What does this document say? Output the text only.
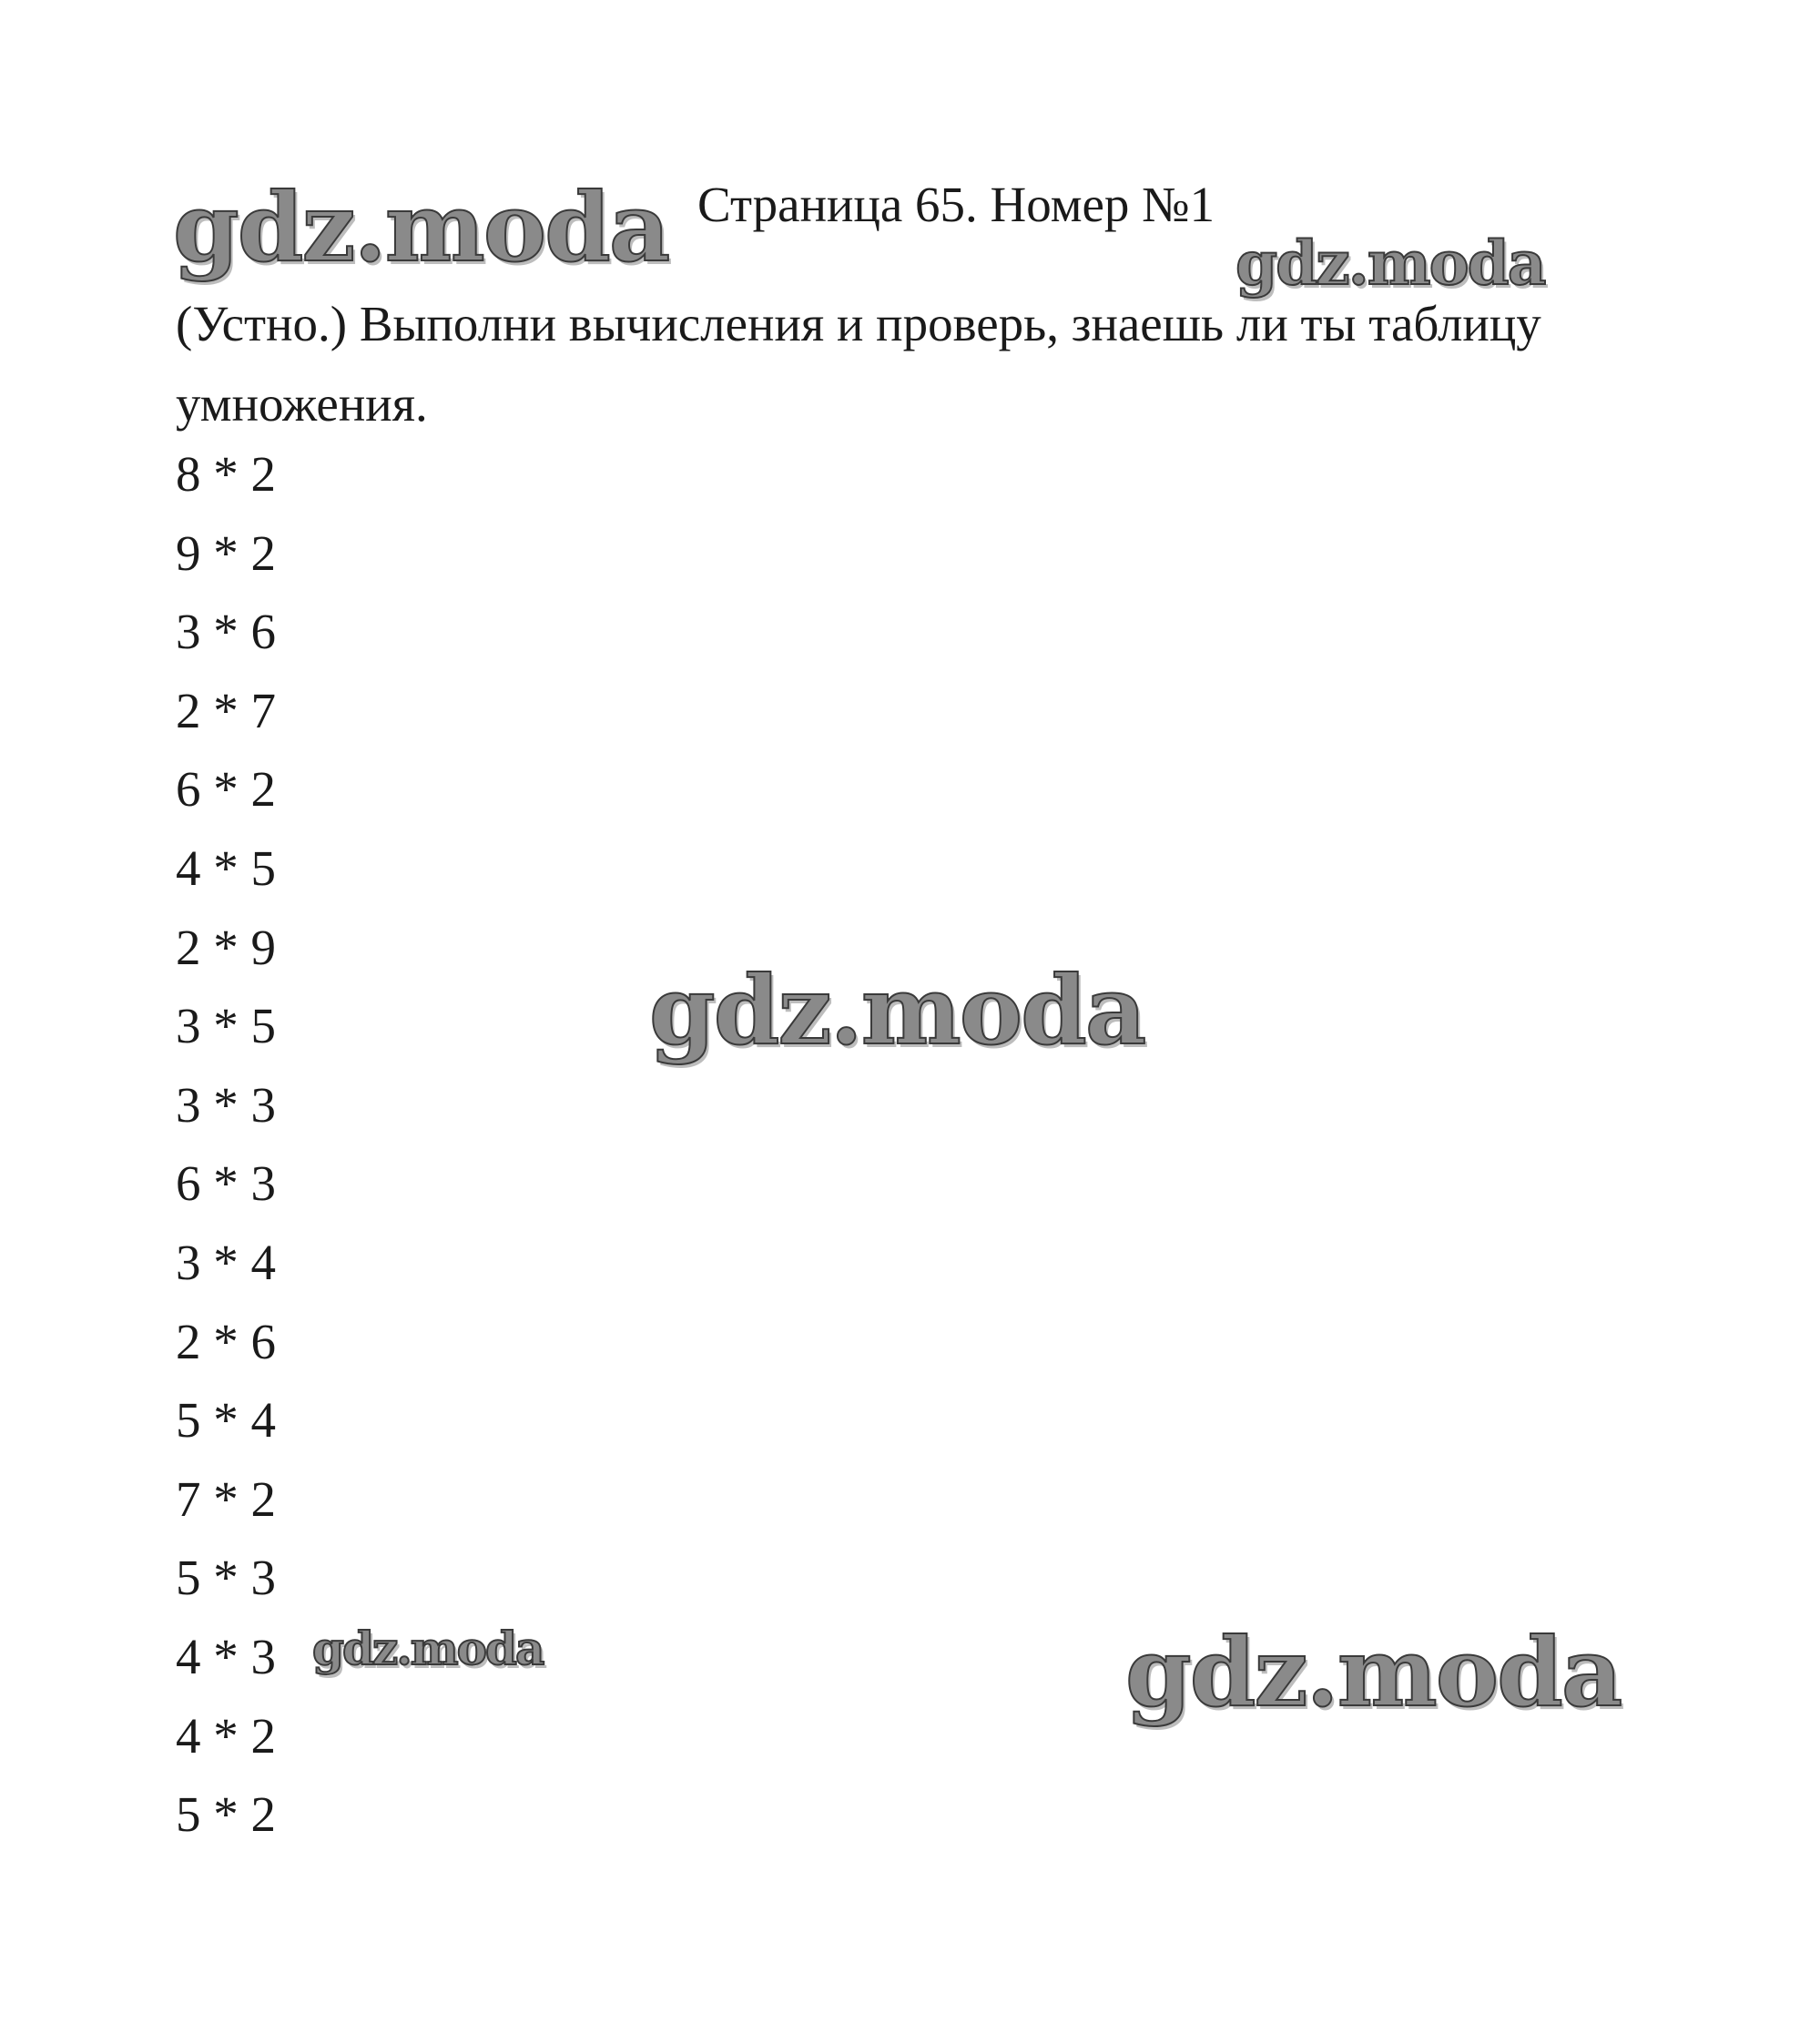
gdz.moda	gdz.moda
gdz.moda
gdz.moda	gdz.moda
Страница 65. Номер №1

(Устно.) Выполни вычисления и проверь, знаешь ли ты таблицу умножения.

8 * 2
9 * 2
3 * 6
2 * 7
6 * 2
4 * 5
2 * 9
3 * 5
3 * 3
6 * 3
3 * 4
2 * 6
5 * 4
7 * 2
5 * 3
4 * 3
4 * 2
5 * 2
